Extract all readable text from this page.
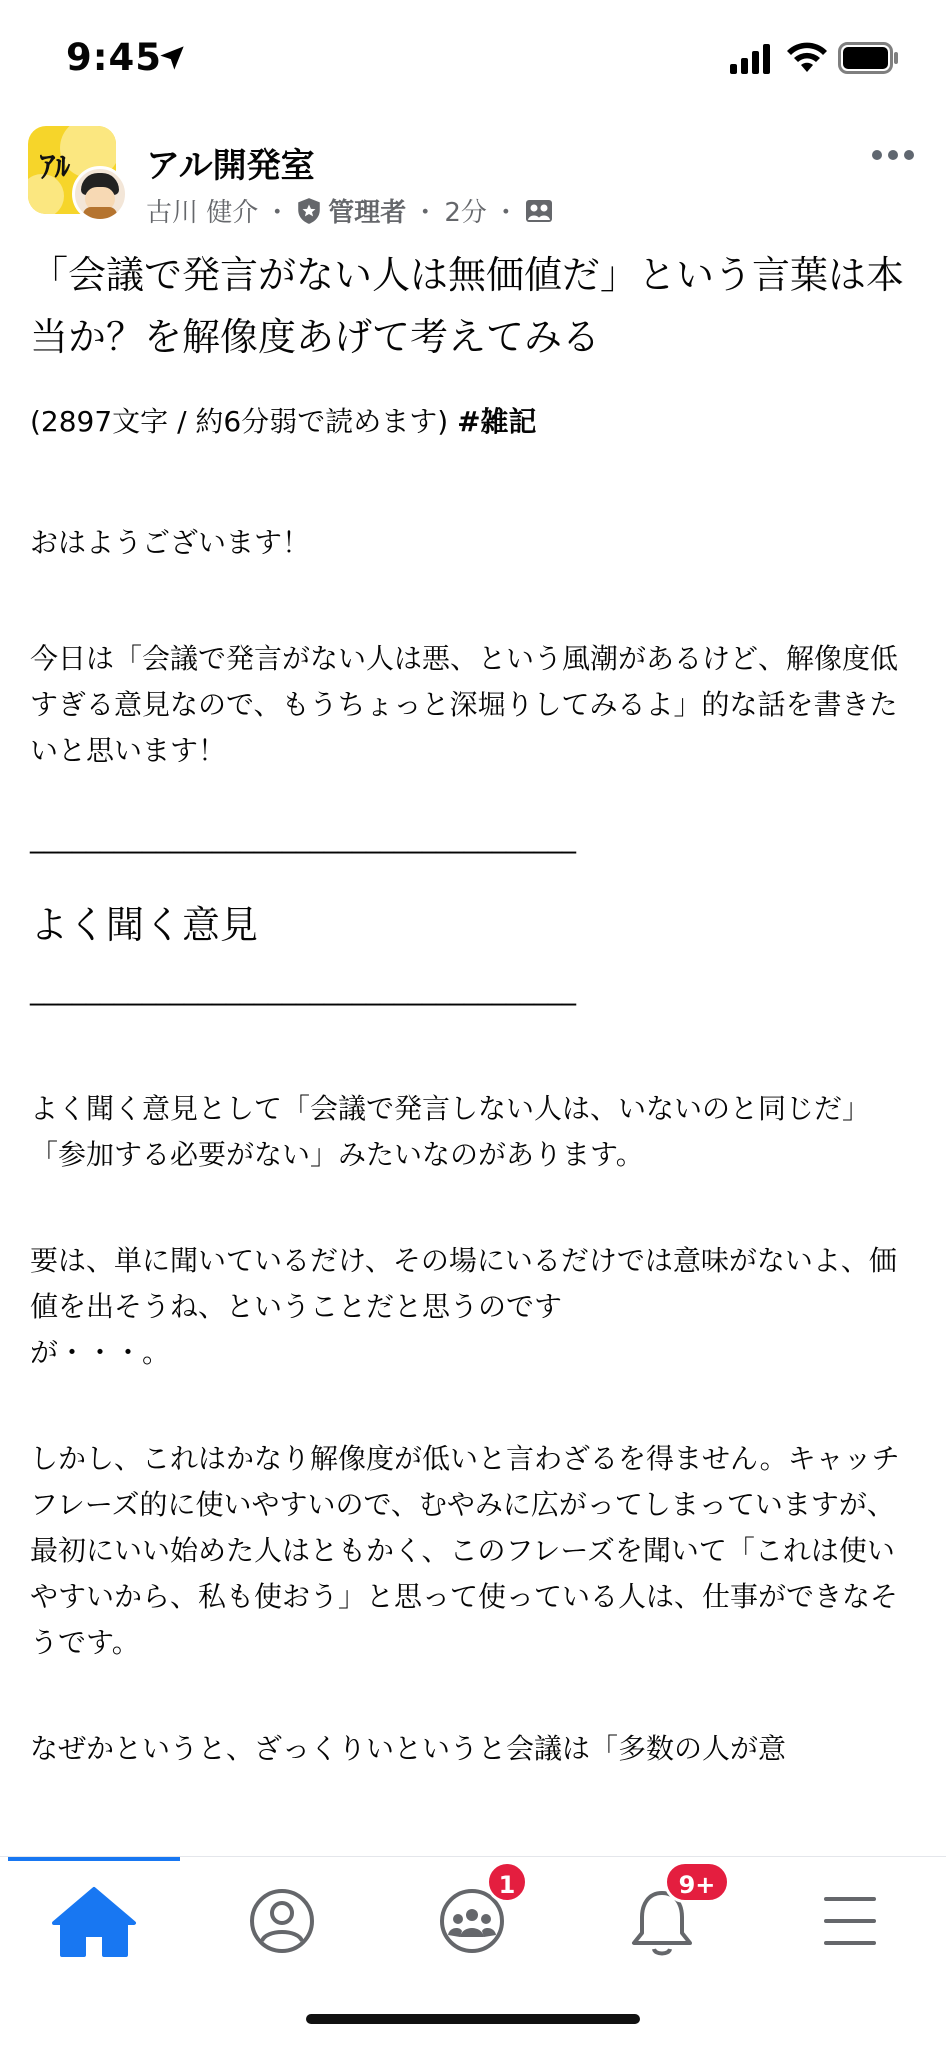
9:45
ｱﾙ アル開発室
古川 健介 ・ 管理者 ・ 2分 ・
「会議で発言がない人は無価値だ」という言葉は本当か？を解像度あげて考えてみる
(2897文字 / 約6分弱で読めます) #雑記

おはようございます！

今日は「会議で発言がない人は悪、という風潮があるけど、解像度低すぎる意見なので、もうちょっと深堀りしてみるよ」的な話を書きたいと思います！

_______________________________________

よく聞く意見

_______________________________________

よく聞く意見として「会議で発言しない人は、いないのと同じだ」「参加する必要がない」みたいなのがあります。

要は、単に聞いているだけ、その場にいるだけでは意味がないよ、価値を出そうね、ということだと思うのです

が・・・。

しかし、これはかなり解像度が低いと言わざるを得ません。キャッチフレーズ的に使いやすいので、むやみに広がってしまっていますが、最初にいい始めた人はともかく、このフレーズを聞いて「これは使いやすいから、私も使おう」と思って使っている人は、仕事ができなそうです。

なぜかというと、ざっくりいというと会議は「多数の人が意

1	9+
